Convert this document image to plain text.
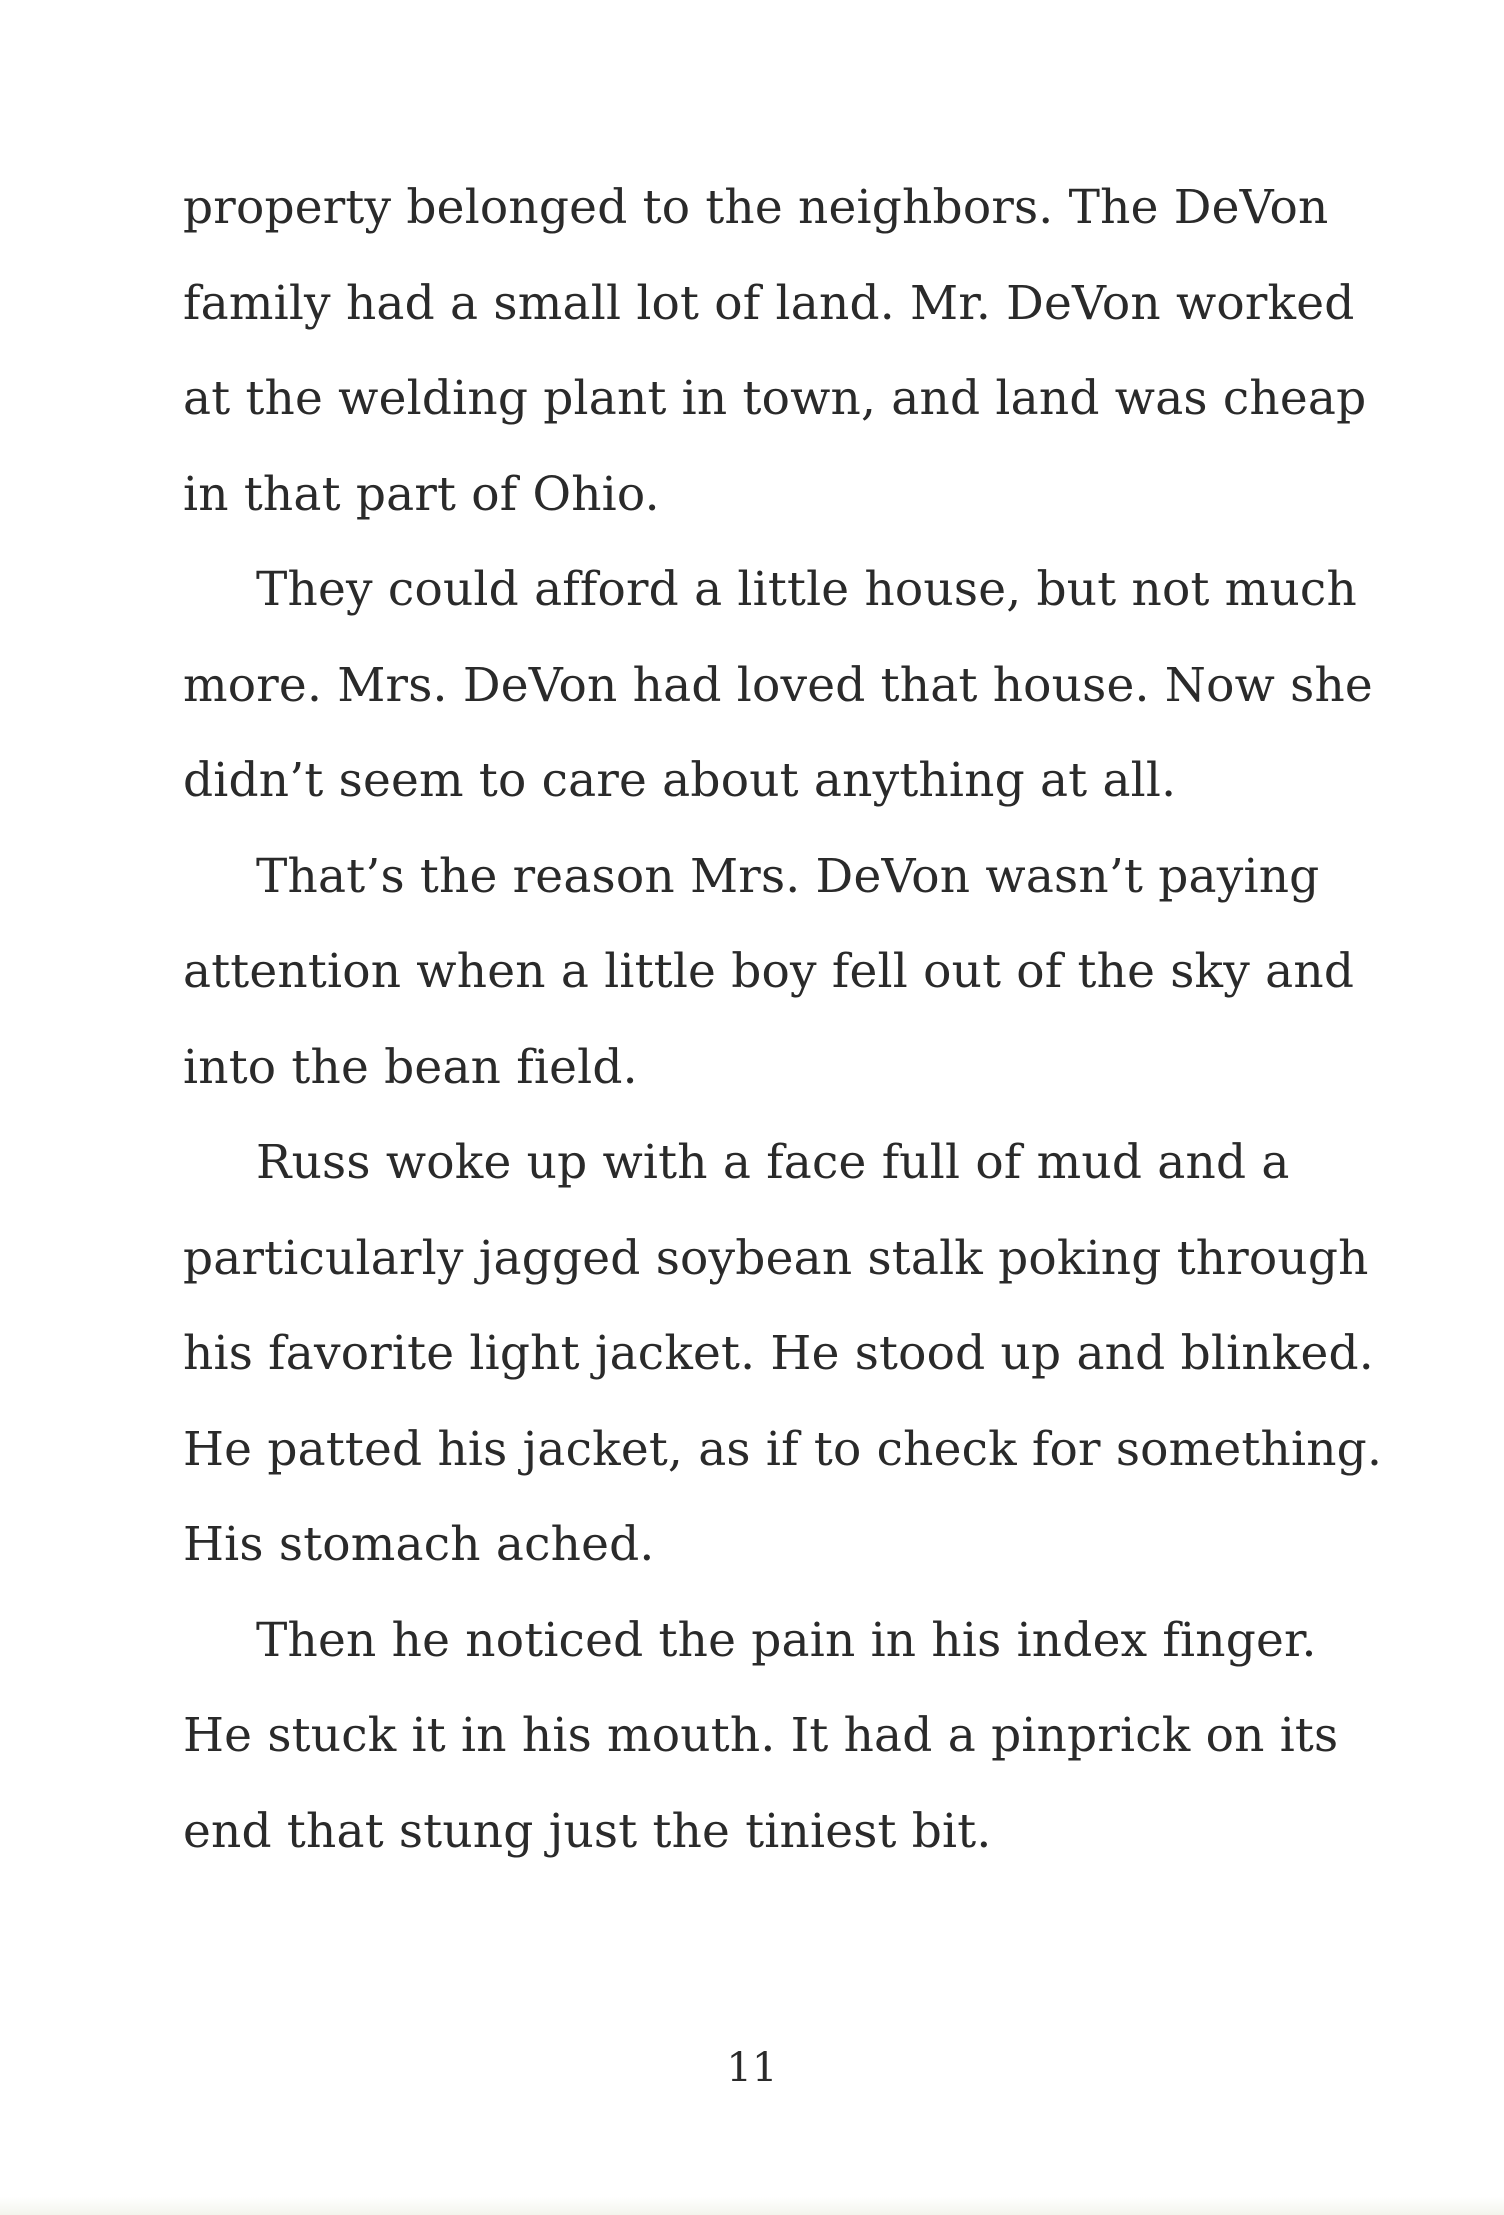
property belonged to the neighbors. The DeVon
family had a small lot of land. Mr. DeVon worked
at the welding plant in town, and land was cheap
in that part of Ohio.
They could afford a little house, but not much
more. Mrs. DeVon had loved that house. Now she
didn’t seem to care about anything at all.
That’s the reason Mrs. DeVon wasn’t paying
attention when a little boy fell out of the sky and
into the bean field.
Russ woke up with a face full of mud and a
particularly jagged soybean stalk poking through
his favorite light jacket. He stood up and blinked.
He patted his jacket, as if to check for something.
His stomach ached.
Then he noticed the pain in his index finger.
He stuck it in his mouth. It had a pinprick on its
end that stung just the tiniest bit.
11
